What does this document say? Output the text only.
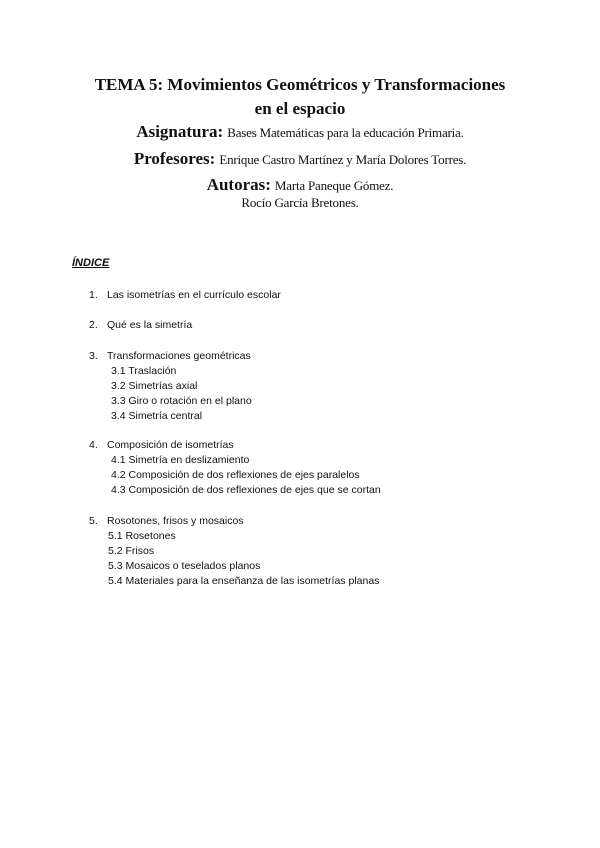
TEMA 5: Movimientos Geométricos y Transformaciones
en el espacio
Asignatura: Bases Matemáticas para la educación Primaria.
Profesores: Enrique Castro Martínez y María Dolores Torres.
Autoras: Marta Paneque Gómez.
Rocío García Bretones.
ÍNDICE
1. Las isometrías en el currículo escolar
2. Qué es la simetría
3. Transformaciones geométricas
3.1 Traslación
3.2 Simetrías axial
3.3 Giro o rotación en el plano
3.4 Simetría central
4. Composición de isometrías
4.1 Simetría en deslizamiento
4.2 Composición de dos reflexiones de ejes paralelos
4.3 Composición de dos reflexiones de ejes que se cortan
5. Rosotones, frisos y mosaicos
5.1 Rosetones
5.2 Frisos
5.3 Mosaicos o teselados planos
5.4 Materiales para la enseñanza de las isometrías planas
